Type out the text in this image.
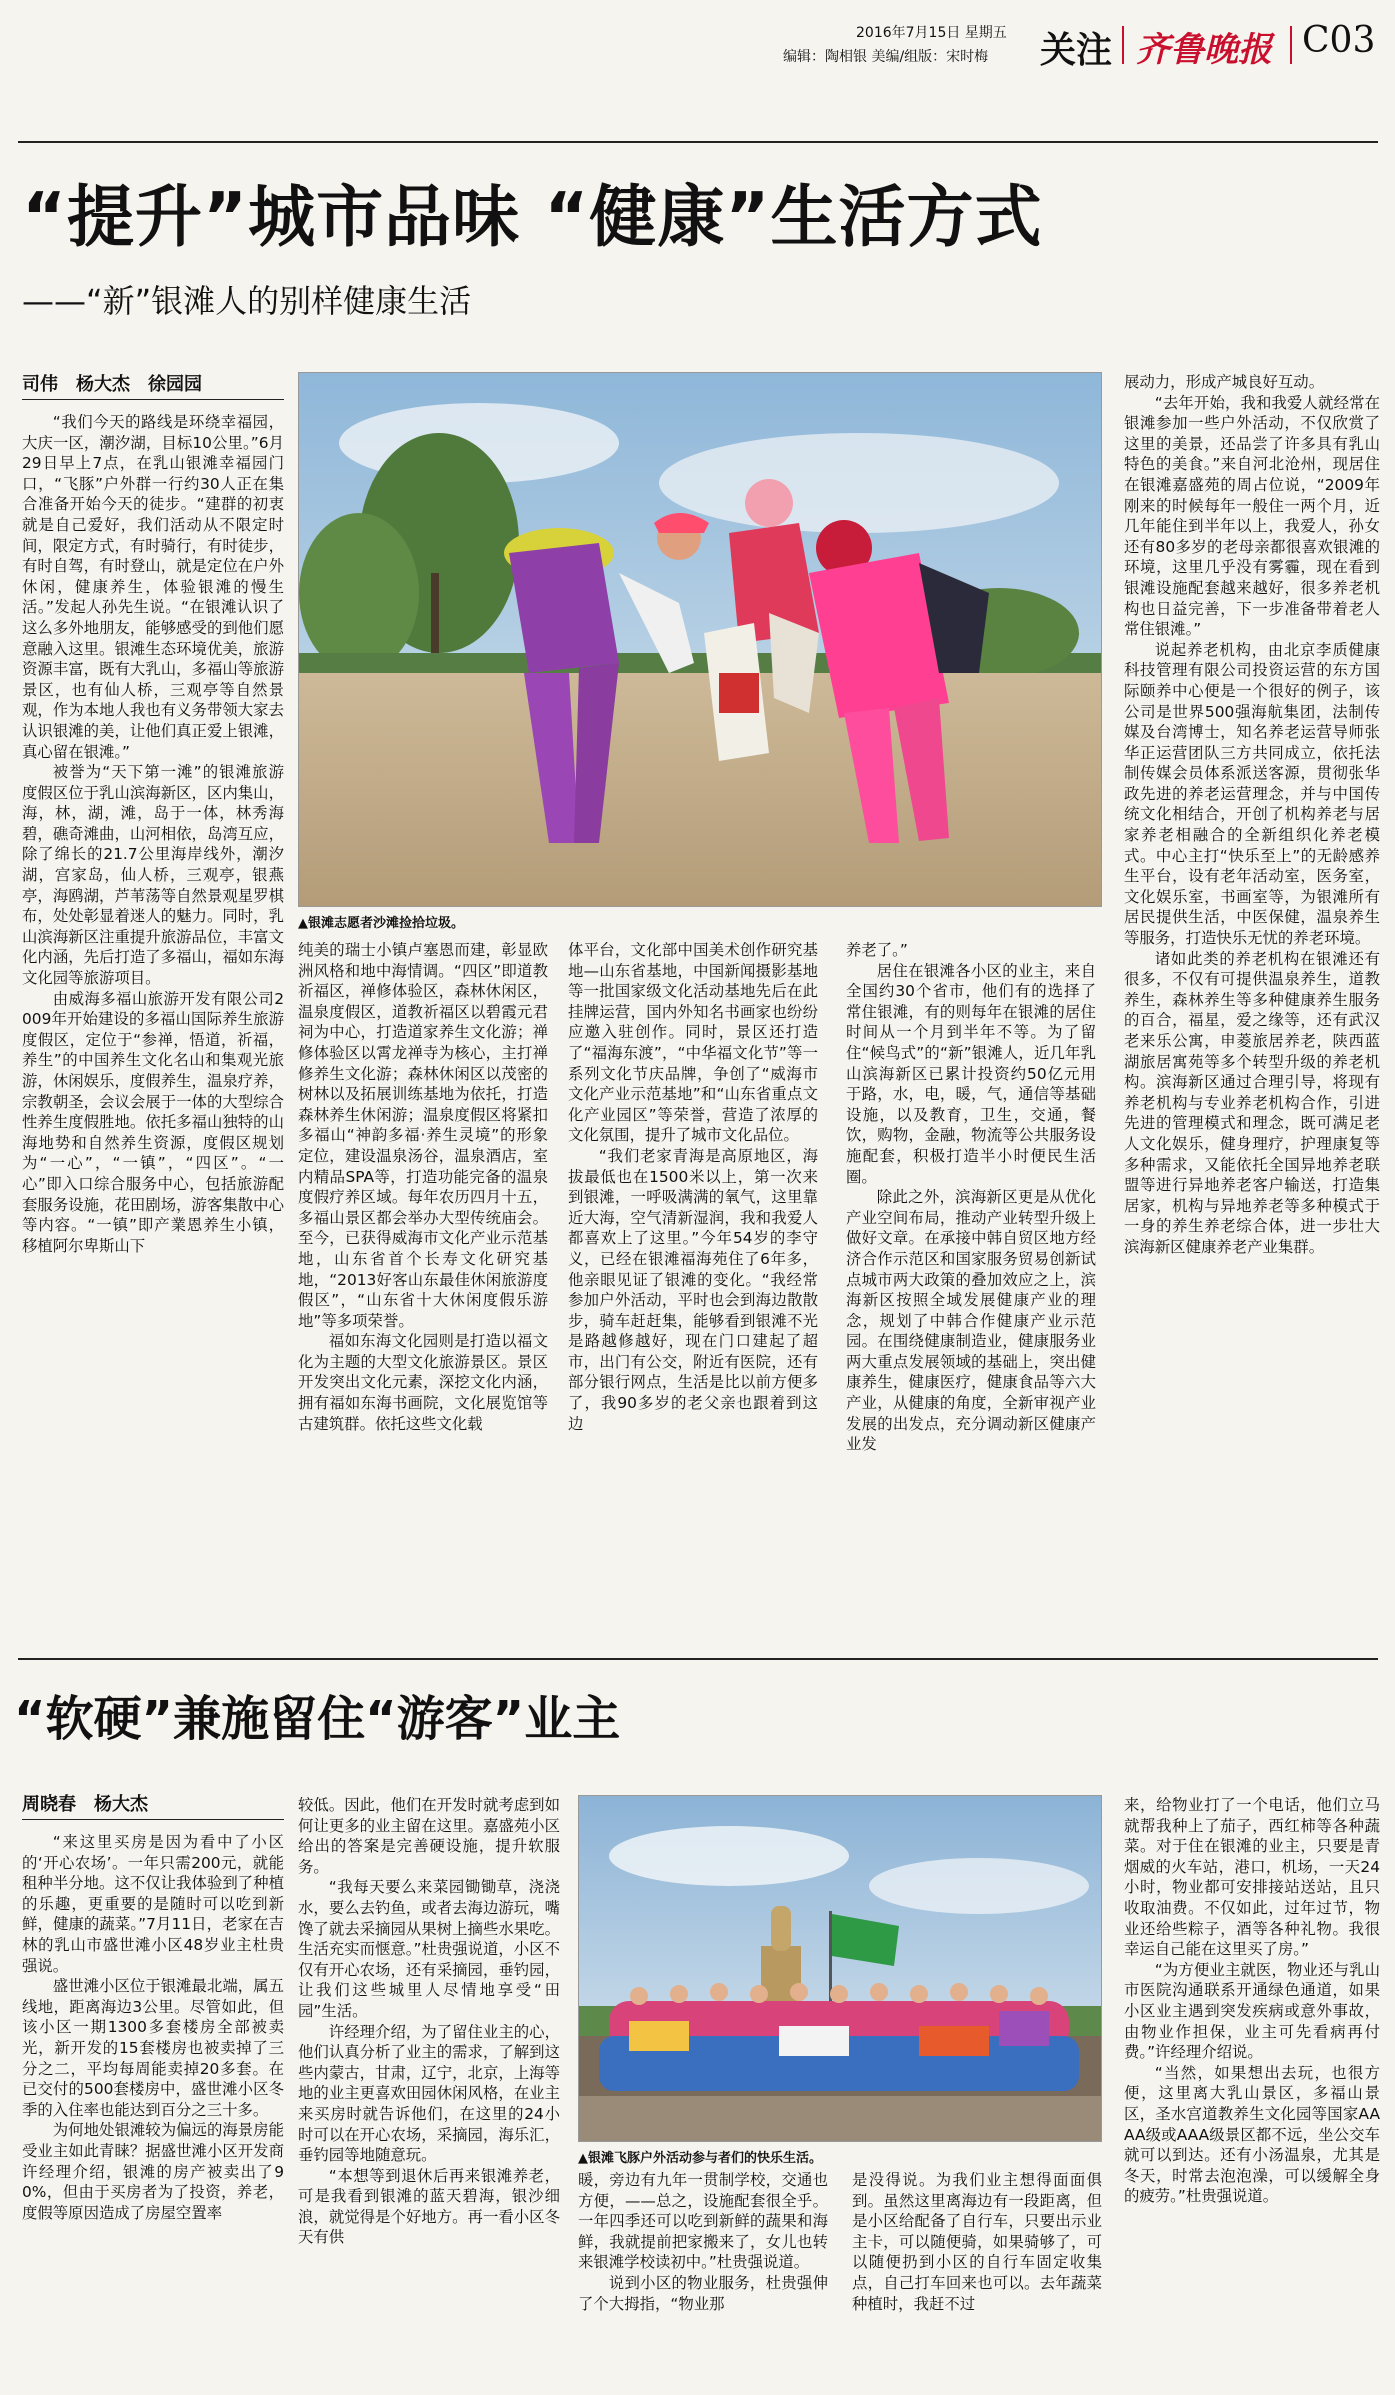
2016年7月15日 星期五
编辑：陶相银 美编/组版：宋时梅 关注 齐鲁晚报 C03
“提升”城市品味 “健康”生活方式
——“新”银滩人的别样健康生活
司伟　杨大杰　徐园园
▲银滩志愿者沙滩捡拾垃圾。

“我们今天的路线是环绕幸福园，大庆一区，潮汐湖，目标10公里。”6月29日早上7点，在乳山银滩幸福园门口，“飞豚”户外群一行约30人正在集合准备开始今天的徒步。“建群的初衷就是自己爱好，我们活动从不限定时间，限定方式，有时骑行，有时徒步，有时自驾，有时登山，就是定位在户外休闲，健康养生，体验银滩的慢生活。”发起人孙先生说。“在银滩认识了这么多外地朋友，能够感受的到他们愿意融入这里。银滩生态环境优美，旅游资源丰富，既有大乳山，多福山等旅游景区，也有仙人桥，三观亭等自然景观，作为本地人我也有义务带领大家去认识银滩的美，让他们真正爱上银滩，真心留在银滩。”

被誉为“天下第一滩”的银滩旅游度假区位于乳山滨海新区，区内集山，海，林，湖，滩，岛于一体，林秀海碧，礁奇滩曲，山河相依，岛湾互应，除了绵长的21.7公里海岸线外，潮汐湖，宫家岛，仙人桥，三观亭，银燕亭，海鸥湖，芦苇荡等自然景观星罗棋布，处处彰显着迷人的魅力。同时，乳山滨海新区注重提升旅游品位，丰富文化内涵，先后打造了多福山，福如东海文化园等旅游项目。

由威海多福山旅游开发有限公司2009年开始建设的多福山国际养生旅游度假区，定位于“参禅，悟道，祈福，养生”的中国养生文化名山和集观光旅游，休闲娱乐，度假养生，温泉疗养，宗教朝圣，会议会展于一体的大型综合性养生度假胜地。依托多福山独特的山海地势和自然养生资源，度假区规划为“一心”，“一镇”，“四区”。“一心”即入口综合服务中心，包括旅游配套服务设施，花田剧场，游客集散中心等内容。“一镇”即产業恩养生小镇，移植阿尔卑斯山下

纯美的瑞士小镇卢塞恩而建，彰显欧洲风格和地中海情调。“四区”即道教祈福区，禅修体验区，森林休闲区，温泉度假区，道教祈福区以碧霞元君祠为中心，打造道家养生文化游；禅修体验区以霄龙禅寺为核心，主打禅修养生文化游；森林休闲区以茂密的树林以及拓展训练基地为依托，打造森林养生休闲游；温泉度假区将紧扣多福山“神韵多福·养生灵境”的形象定位，建设温泉汤谷，温泉酒店，室内精品SPA等，打造功能完备的温泉度假疗养区域。每年农历四月十五，多福山景区都会举办大型传统庙会。至今，已获得威海市文化产业示范基地，山东省首个长寿文化研究基地，“2013好客山东最佳休闲旅游度假区”，“山东省十大休闲度假乐游地”等多项荣誉。

福如东海文化园则是打造以福文化为主题的大型文化旅游景区。景区开发突出文化元素，深挖文化内涵，拥有福如东海书画院，文化展览馆等古建筑群。依托这些文化载

体平台，文化部中国美术创作研究基地—山东省基地，中国新闻摄影基地等一批国家级文化活动基地先后在此挂牌运营，国内外知名书画家也纷纷应邀入驻创作。同时，景区还打造了“福海东渡”，“中华福文化节”等一系列文化节庆品牌，争创了“威海市文化产业示范基地”和“山东省重点文化产业园区”等荣誉，营造了浓厚的文化氛围，提升了城市文化品位。

“我们老家青海是高原地区，海拔最低也在1500米以上，第一次来到银滩，一呼吸满满的氧气，这里靠近大海，空气清新湿润，我和我爱人都喜欢上了这里。”今年54岁的李守义，已经在银滩福海苑住了6年多，他亲眼见证了银滩的变化。“我经常参加户外活动，平时也会到海边散散步，骑车赶赶集，能够看到银滩不光是路越修越好，现在门口建起了超市，出门有公交，附近有医院，还有部分银行网点，生活是比以前方便多了，我90多岁的老父亲也跟着到这边

养老了。”

居住在银滩各小区的业主，来自全国约30个省市，他们有的选择了常住银滩，有的则每年在银滩的居住时间从一个月到半年不等。为了留住“候鸟式”的“新”银滩人，近几年乳山滨海新区已累计投资约50亿元用于路，水，电，暖，气，通信等基础设施，以及教育，卫生，交通，餐饮，购物，金融，物流等公共服务设施配套，积极打造半小时便民生活圈。

除此之外，滨海新区更是从优化产业空间布局，推动产业转型升级上做好文章。在承接中韩自贸区地方经济合作示范区和国家服务贸易创新试点城市两大政策的叠加效应之上，滨海新区按照全域发展健康产业的理念，规划了中韩合作健康产业示范园。在围绕健康制造业，健康服务业两大重点发展领域的基础上，突出健康养生，健康医疗，健康食品等六大产业，从健康的角度，全新审视产业发展的出发点，充分调动新区健康产业发

展动力，形成产城良好互动。

“去年开始，我和我爱人就经常在银滩参加一些户外活动，不仅欣赏了这里的美景，还品尝了许多具有乳山特色的美食。”来自河北沧州，现居住在银滩嘉盛苑的周占位说，“2009年刚来的时候每年一般住一两个月，近几年能住到半年以上，我爱人，孙女还有80多岁的老母亲都很喜欢银滩的环境，这里几乎没有雾霾，现在看到银滩设施配套越来越好，很多养老机构也日益完善，下一步准备带着老人常住银滩。”

说起养老机构，由北京李质健康科技管理有限公司投资运营的东方国际颐养中心便是一个很好的例子，该公司是世界500强海航集团，法制传媒及台湾博士，知名养老运营导师张华正运营团队三方共同成立，依托法制传媒会员体系派送客源，贯彻张华政先进的养老运营理念，并与中国传统文化相结合，开创了机构养老与居家养老相融合的全新组织化养老模式。中心主打“快乐至上”的无龄感养生平台，设有老年活动室，医务室，文化娱乐室，书画室等，为银滩所有居民提供生活，中医保健，温泉养生等服务，打造快乐无忧的养老环境。

诸如此类的养老机构在银滩还有很多，不仅有可提供温泉养生，道教养生，森林养生等多种健康养生服务的百合，福星，爱之缘等，还有武汉老来乐公寓，申菱旅居养老，陕西蓝湖旅居寓苑等多个转型升级的养老机构。滨海新区通过合理引导，将现有养老机构与专业养老机构合作，引进先进的管理模式和理念，既可满足老人文化娱乐，健身理疗，护理康复等多种需求，又能依托全国异地养老联盟等进行异地养老客户输送，打造集居家，机构与异地养老等多种模式于一身的养生养老综合体，进一步壮大滨海新区健康养老产业集群。

“软硬”兼施留住“游客”业主
周晓春　杨大杰
▲银滩飞豚户外活动参与者们的快乐生活。

“来这里买房是因为看中了小区的‘开心农场’。一年只需200元，就能租种半分地。这不仅让我体验到了种植的乐趣，更重要的是随时可以吃到新鲜，健康的蔬菜。”7月11日，老家在吉林的乳山市盛世滩小区48岁业主杜贵强说。

盛世滩小区位于银滩最北端，属五线地，距离海边3公里。尽管如此，但该小区一期1300多套楼房全部被卖光，新开发的15套楼房也被卖掉了三分之二，平均每周能卖掉20多套。在已交付的500套楼房中，盛世滩小区冬季的入住率也能达到百分之三十多。

为何地处银滩较为偏远的海景房能受业主如此青睐？据盛世滩小区开发商许经理介绍，银滩的房产被卖出了90%，但由于买房者为了投资，养老，度假等原因造成了房屋空置率

较低。因此，他们在开发时就考虑到如何让更多的业主留在这里。嘉盛苑小区给出的答案是完善硬设施，提升软服务。

“我每天要么来菜园锄锄草，浇浇水，要么去钓鱼，或者去海边游玩，嘴馋了就去采摘园从果树上摘些水果吃。生活充实而惬意。”杜贵强说道，小区不仅有开心农场，还有采摘园，垂钓园，让我们这些城里人尽情地享受“田园”生活。

许经理介绍，为了留住业主的心，他们认真分析了业主的需求，了解到这些内蒙古，甘肃，辽宁，北京，上海等地的业主更喜欢田园休闲风格，在业主来买房时就告诉他们，在这里的24小时可以在开心农场，采摘园，海乐汇，垂钓园等地随意玩。

“本想等到退休后再来银滩养老，可是我看到银滩的蓝天碧海，银沙细浪，就觉得是个好地方。再一看小区冬天有供

暖，旁边有九年一贯制学校，交通也方便，——总之，设施配套很全乎。一年四季还可以吃到新鲜的蔬果和海鲜，我就提前把家搬来了，女儿也转来银滩学校读初中。”杜贵强说道。

说到小区的物业服务，杜贵强伸了个大拇指，“物业那

是没得说。为我们业主想得面面俱到。虽然这里离海边有一段距离，但是小区给配备了自行车，只要出示业主卡，可以随便骑，如果骑够了，可以随便扔到小区的自行车固定收集点，自己打车回来也可以。去年蔬菜种植时，我赶不过

来，给物业打了一个电话，他们立马就帮我种上了茄子，西红柿等各种蔬菜。对于住在银滩的业主，只要是青烟威的火车站，港口，机场，一天24小时，物业都可安排接站送站，且只收取油费。不仅如此，过年过节，物业还给些粽子，酒等各种礼物。我很幸运自己能在这里买了房。”

“为方便业主就医，物业还与乳山市医院沟通联系开通绿色通道，如果小区业主遇到突发疾病或意外事故，由物业作担保，业主可先看病再付费。”许经理介绍说。

“当然，如果想出去玩，也很方便，这里离大乳山景区，多福山景区，圣水宫道教养生文化园等国家AAAA级或AAA级景区都不远，坐公交车就可以到达。还有小汤温泉，尤其是冬天，时常去泡泡澡，可以缓解全身的疲劳。”杜贵强说道。
